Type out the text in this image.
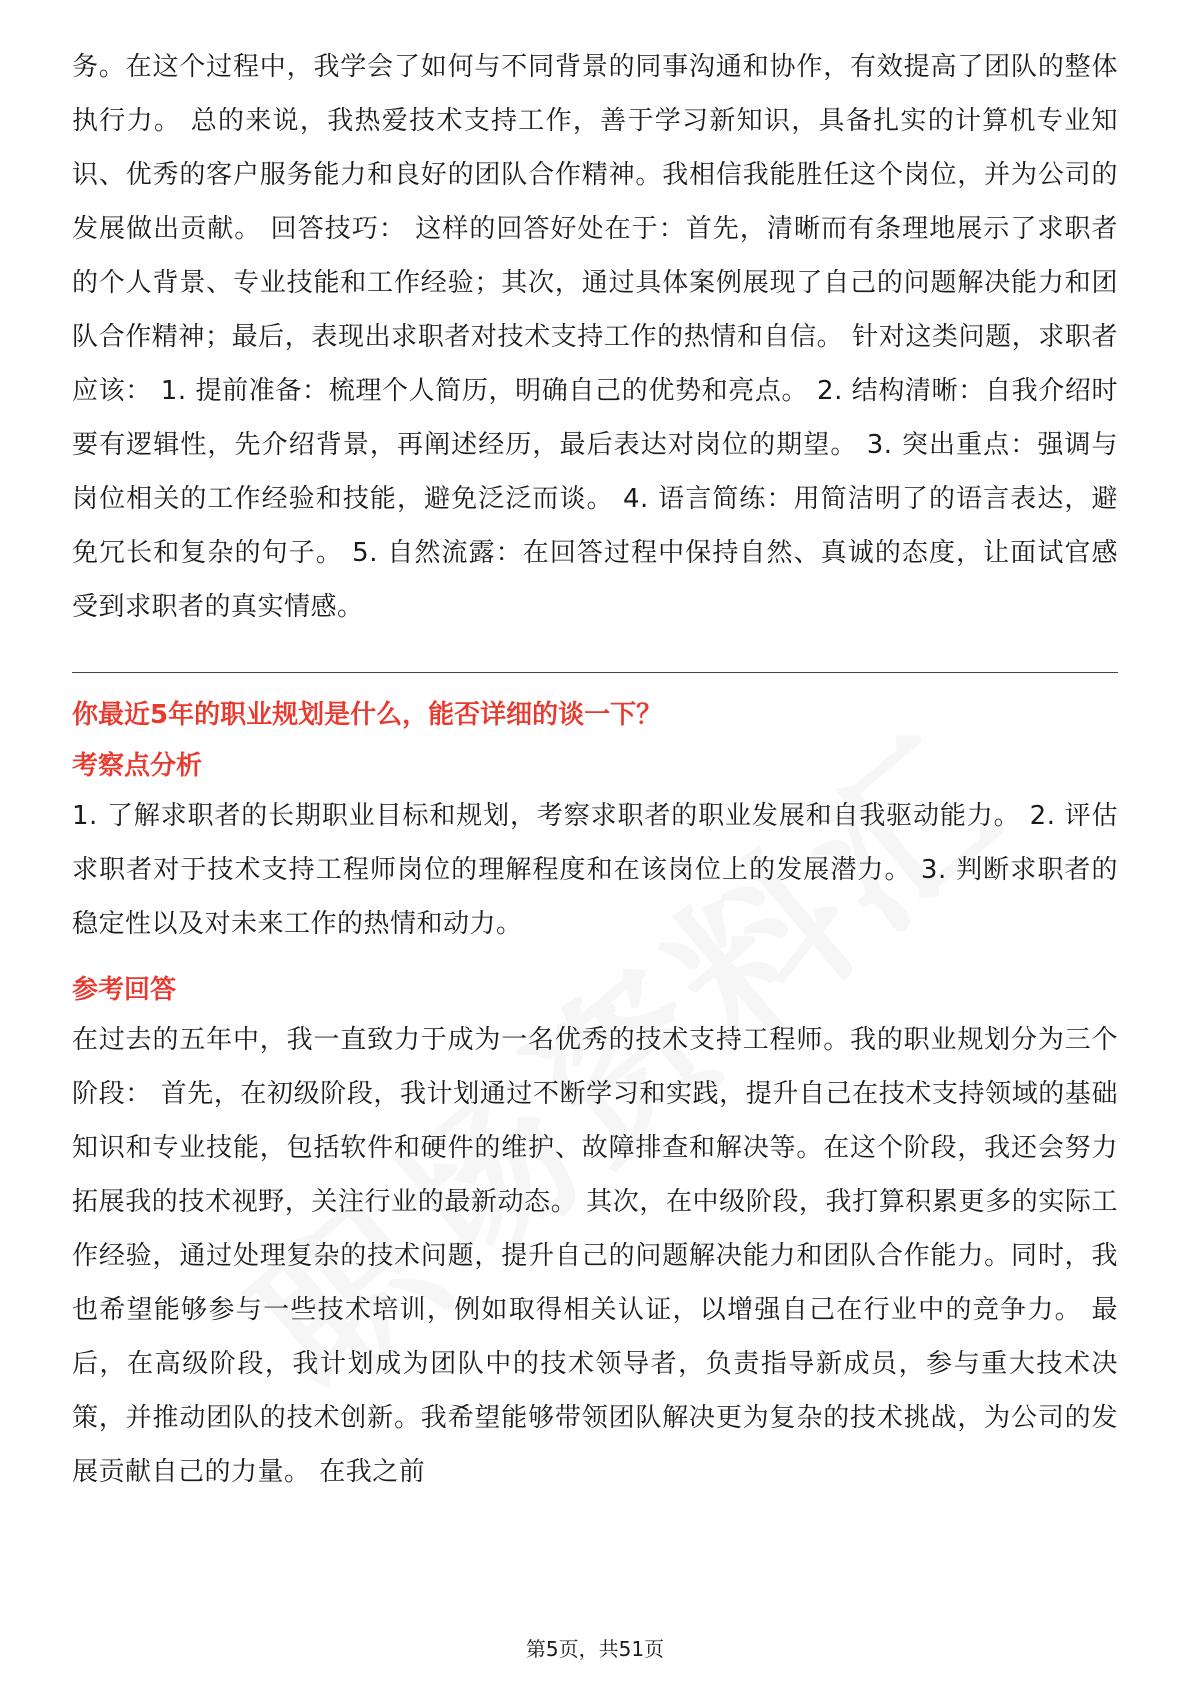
务。在这个过程中，我学会了如何与不同背景的同事沟通和协作，有效提高了团队的整体执行力。 总的来说，我热爱技术支持工作，善于学习新知识，具备扎实的计算机专业知识、优秀的客户服务能力和良好的团队合作精神。我相信我能胜任这个岗位，并为公司的发展做出贡献。 回答技巧： 这样的回答好处在于：首先，清晰而有条理地展示了求职者的个人背景、专业技能和工作经验；其次，通过具体案例展现了自己的问题解决能力和团队合作精神；最后，表现出求职者对技术支持工作的热情和自信。 针对这类问题，求职者应该： 1. 提前准备：梳理个人简历，明确自己的优势和亮点。 2. 结构清晰：自我介绍时要有逻辑性，先介绍背景，再阐述经历，最后表达对岗位的期望。 3. 突出重点：强调与岗位相关的工作经验和技能，避免泛泛而谈。 4. 语言简练：用简洁明了的语言表达，避免冗长和复杂的句子。 5. 自然流露：在回答过程中保持自然、真诚的态度，让面试官感受到求职者的真实情感。

你最近5年的职业规划是什么，能否详细的谈一下？

考察点分析

1. 了解求职者的长期职业目标和规划，考察求职者的职业发展和自我驱动能力。 2. 评估求职者对于技术支持工程师岗位的理解程度和在该岗位上的发展潜力。 3. 判断求职者的稳定性以及对未来工作的热情和动力。

参考回答

在过去的五年中，我一直致力于成为一名优秀的技术支持工程师。我的职业规划分为三个阶段： 首先，在初级阶段，我计划通过不断学习和实践，提升自己在技术支持领域的基础知识和专业技能，包括软件和硬件的维护、故障排查和解决等。在这个阶段，我还会努力拓展我的技术视野，关注行业的最新动态。 其次，在中级阶段，我打算积累更多的实际工作经验，通过处理复杂的技术问题，提升自己的问题解决能力和团队合作能力。同时，我也希望能够参与一些技术培训，例如取得相关认证，以增强自己在行业中的竞争力。 最后，在高级阶段，我计划成为团队中的技术领导者，负责指导新成员，参与重大技术决策，并推动团队的技术创新。我希望能够带领团队解决更为复杂的技术挑战，为公司的发展贡献自己的力量。 在我之前

第5页，共51页
